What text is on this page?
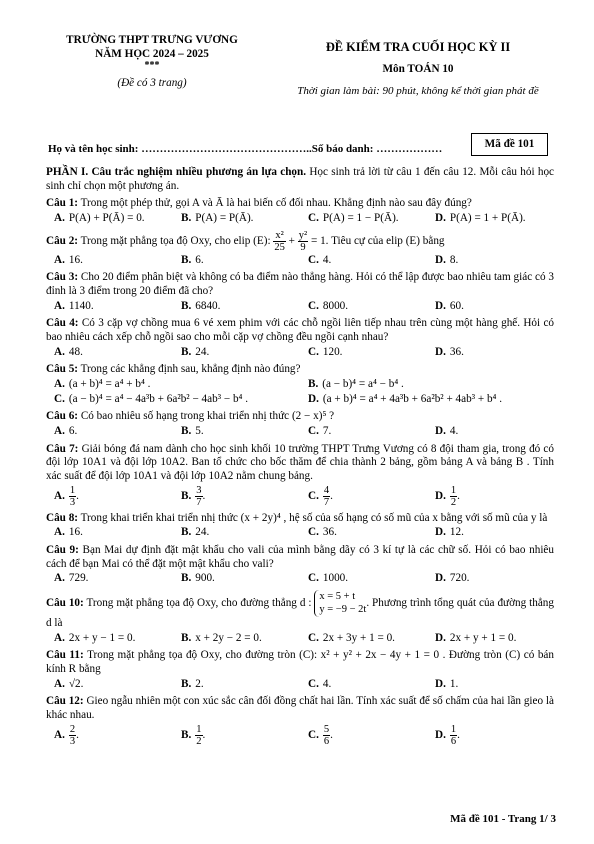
TRƯỜNG THPT TRƯNG VƯƠNG
NĂM HỌC 2024 – 2025
***
(Đề có 3 trang)
ĐỀ KIỂM TRA CUỐI HỌC KỲ II
Môn TOÁN 10
Thời gian làm bài: 90 phút, không kể thời gian phát đề
Họ và tên học sinh: ………………………………………..Số báo danh: ………………	Mã đề 101

PHẦN I. Câu trắc nghiệm nhiều phương án lựa chọn. Học sinh trả lời từ câu 1 đến câu 12. Mỗi câu hỏi học sinh chỉ chọn một phương án.

Câu 1: Trong một phép thử, gọi A và Ā là hai biến cố đối nhau. Khẳng định nào sau đây đúng?
A. P(A) + P(Ā) = 0.	B. P(A) = P(Ā).	C. P(A) = 1 − P(Ā).	D. P(A) = 1 + P(Ā).
Câu 2: Trong mặt phẳng tọa độ Oxy, cho elip (E): $\frac{\text{x²}}{25} + \frac{\text{y²}}{9} = 1$. Tiêu cự của elip (E) bằng
A. 16.	B. 6.	C. 4.	D. 8.
Câu 3: Cho 20 điểm phân biệt và không có ba điểm nào thẳng hàng. Hỏi có thể lập được bao nhiêu tam giác có 3 đỉnh là 3 điểm trong 20 điểm đã cho?
A. 1140.	B. 6840.	C. 8000.	D. 60.
Câu 4: Có 3 cặp vợ chồng mua 6 vé xem phim với các chỗ ngồi liên tiếp nhau trên cùng một hàng ghế. Hỏi có bao nhiêu cách xếp chỗ ngồi sao cho mỗi cặp vợ chồng đều ngồi cạnh nhau?
A. 48.	B. 24.	C. 120.	D. 36.
Câu 5: Trong các khẳng định sau, khẳng định nào đúng?
A. (a + b)⁴ = a⁴ + b⁴ .	B. (a − b)⁴ = a⁴ − b⁴ .
C. (a − b)⁴ = a⁴ − 4a³b + 6a²b² − 4ab³ − b⁴ .	D. (a + b)⁴ = a⁴ + 4a³b + 6a²b² + 4ab³ + b⁴ .
Câu 6: Có bao nhiêu số hạng trong khai triển nhị thức (2 − x)⁵ ?
A. 6.	B. 5.	C. 7.	D. 4.
Câu 7: Giải bóng đá nam dành cho học sinh khối 10 trường THPT Trưng Vương có 8 đội tham gia, trong đó có đội lớp 10A1 và đội lớp 10A2. Ban tổ chức cho bốc thăm để chia thành 2 bảng, gồm bảng A và bảng B . Tính xác suất để đội lớp 10A1 và đội lớp 10A2 nằm chung bảng.
A. $\frac{1}{3}$ .	B. $\frac{3}{7}$ .	C. $\frac{4}{7}$ .	D. $\frac{1}{2}$ .
Câu 8: Trong khai triển khai triển nhị thức (x + 2y)⁴ , hệ số của số hạng có số mũ của x bằng với số mũ của y là
A. 16.	B. 24.	C. 36.	D. 12.
Câu 9: Bạn Mai dự định đặt mật khẩu cho vali của mình bằng dãy có 3 kí tự là các chữ số. Hỏi có bao nhiêu cách để bạn Mai có thể đặt một mật khẩu cho vali?
A. 729.	B. 900.	C. 1000.	D. 720.
Câu 10: Trong mặt phẳng tọa độ Oxy, cho đường thẳng d :
x = 5 + t
y = −9 − 2t
. Phương trình tổng quát của đường thẳng d là
A. 2x + y − 1 = 0.	B. x + 2y − 2 = 0.	C. 2x + 3y + 1 = 0.	D. 2x + y + 1 = 0.
Câu 11: Trong mặt phẳng tọa độ Oxy, cho đường tròn (C): x² + y² + 2x − 4y + 1 = 0 . Đường tròn (C) có bán kính R bằng
A. √2.	B. 2.	C. 4.	D. 1.
Câu 12: Gieo ngẫu nhiên một con xúc sắc cân đối đồng chất hai lần. Tính xác suất để số chấm của hai lần gieo là khác nhau.
A. $\frac{2}{3}$ .	B. $\frac{1}{2}$ .	C. $\frac{5}{6}$ .	D. $\frac{1}{6}$ .
Mã đề 101 - Trang 1/ 3
